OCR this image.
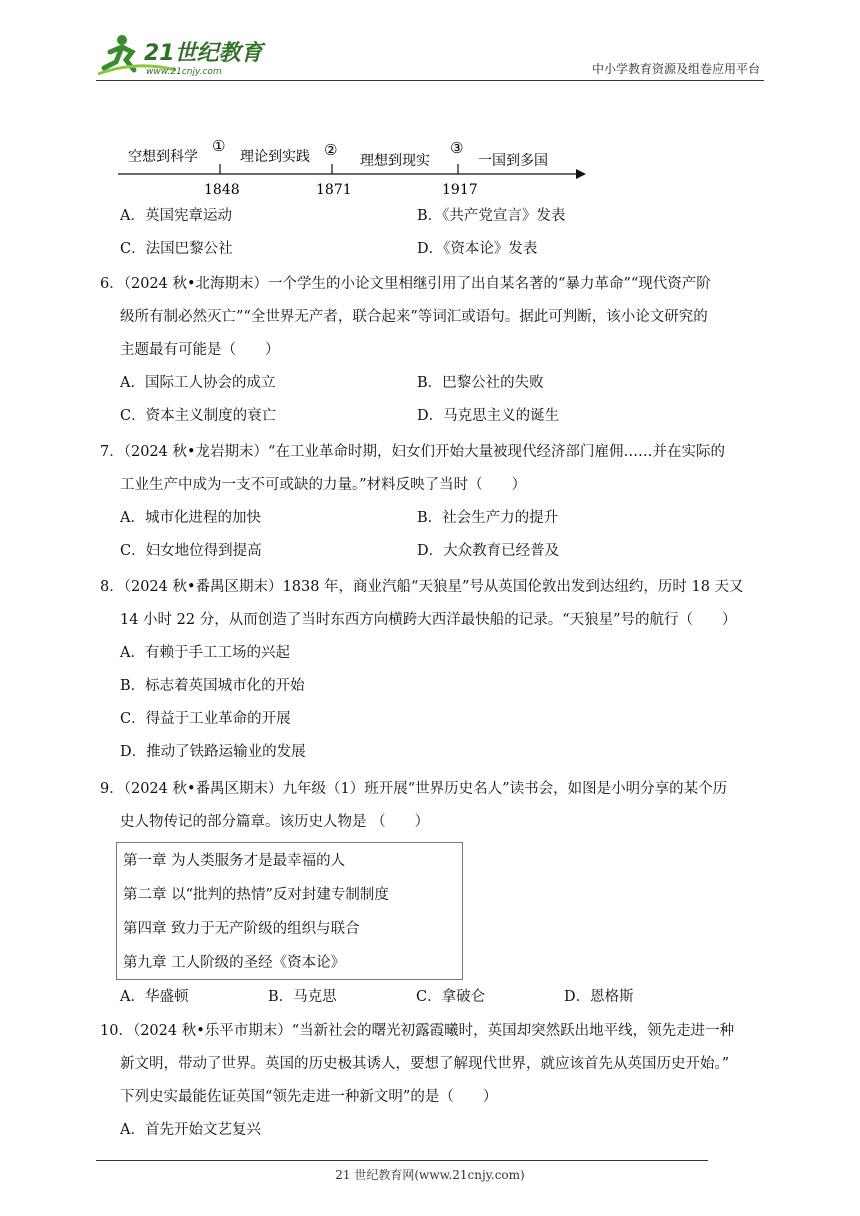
21世纪教育
www.21cnjy.com	中小学教育资源及组卷应用平台
空想到科学	理论到实践	理想到现实	一国到多国
①	②	③
1848	1871	1917
A．英国宪章运动	B．《共产党宣言》发表
C．法国巴黎公社	D．《资本论》发表
6．（2024 秋•北海期末）一个学生的小论文里相继引用了出自某名著的“暴力革命”“现代资产阶
级所有制必然灭亡”“全世界无产者，联合起来”等词汇或语句。据此可判断，该小论文研究的
主题最有可能是（　　）
A．国际工人协会的成立	B．巴黎公社的失败
C．资本主义制度的衰亡	D．马克思主义的诞生
7．（2024 秋•龙岩期末）“在工业革命时期，妇女们开始大量被现代经济部门雇佣……并在实际的
工业生产中成为一支不可或缺的力量。”材料反映了当时（　　）
A．城市化进程的加快	B．社会生产力的提升
C．妇女地位得到提高	D．大众教育已经普及
8．（2024 秋•番禺区期末）1838 年，商业汽船“天狼星”号从英国伦敦出发到达纽约，历时 18 天又
14 小时 22 分，从而创造了当时东西方向横跨大西洋最快船的记录。“天狼星”号的航行（　　）
A．有赖于手工工场的兴起
B．标志着英国城市化的开始
C．得益于工业革命的开展
D．推动了铁路运输业的发展
9．（2024 秋•番禺区期末）九年级（1）班开展“世界历史名人”读书会，如图是小明分享的某个历
史人物传记的部分篇章。该历史人物是 （　　）
第一章 为人类服务才是最幸福的人
第二章 以“批判的热情”反对封建专制制度
第四章 致力于无产阶级的组织与联合
第九章 工人阶级的圣经《资本论》
A．华盛顿	B．马克思	C．拿破仑	D．恩格斯
10．（2024 秋•乐平市期末）“当新社会的曙光初露霞曦时，英国却突然跃出地平线，领先走进一种
新文明，带动了世界。英国的历史极其诱人，要想了解现代世界，就应该首先从英国历史开始。”
下列史实最能佐证英国“领先走进一种新文明”的是（　　）
A．首先开始文艺复兴
21 世纪教育网(www.21cnjy.com)
